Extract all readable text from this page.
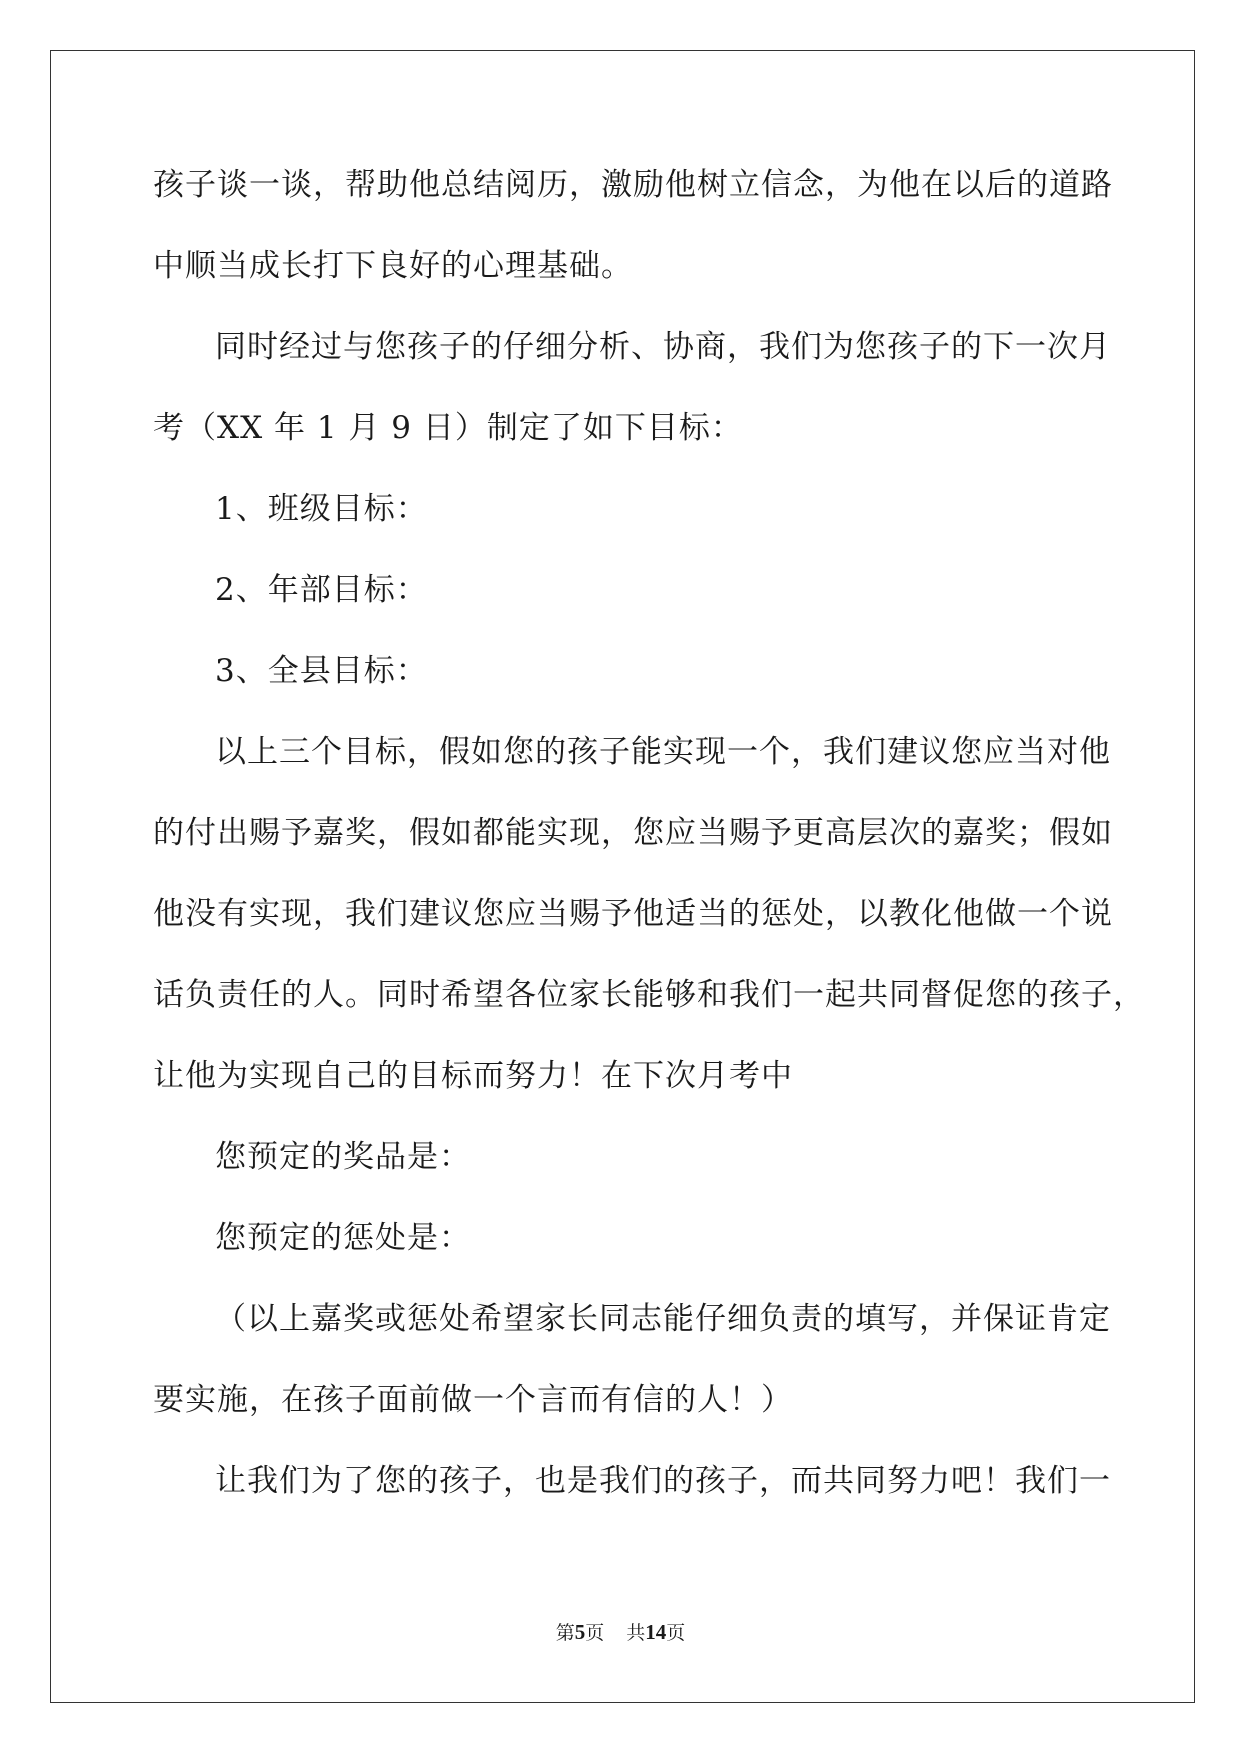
孩子谈一谈，帮助他总结阅历，激励他树立信念，为他在以后的道路
中顺当成长打下良好的心理基础。
同时经过与您孩子的仔细分析、协商，我们为您孩子的下一次月
考（XX 年 1 月 9 日）制定了如下目标：
1、班级目标：
2、年部目标：
3、全县目标：
以上三个目标，假如您的孩子能实现一个，我们建议您应当对他
的付出赐予嘉奖，假如都能实现，您应当赐予更高层次的嘉奖；假如
他没有实现，我们建议您应当赐予他适当的惩处，以教化他做一个说
话负责任的人。同时希望各位家长能够和我们一起共同督促您的孩子，
让他为实现自己的目标而努力！在下次月考中
您预定的奖品是：
您预定的惩处是：
（以上嘉奖或惩处希望家长同志能仔细负责的填写，并保证肯定
要实施，在孩子面前做一个言而有信的人！）
让我们为了您的孩子，也是我们的孩子，而共同努力吧！我们一
第5页 共14页
